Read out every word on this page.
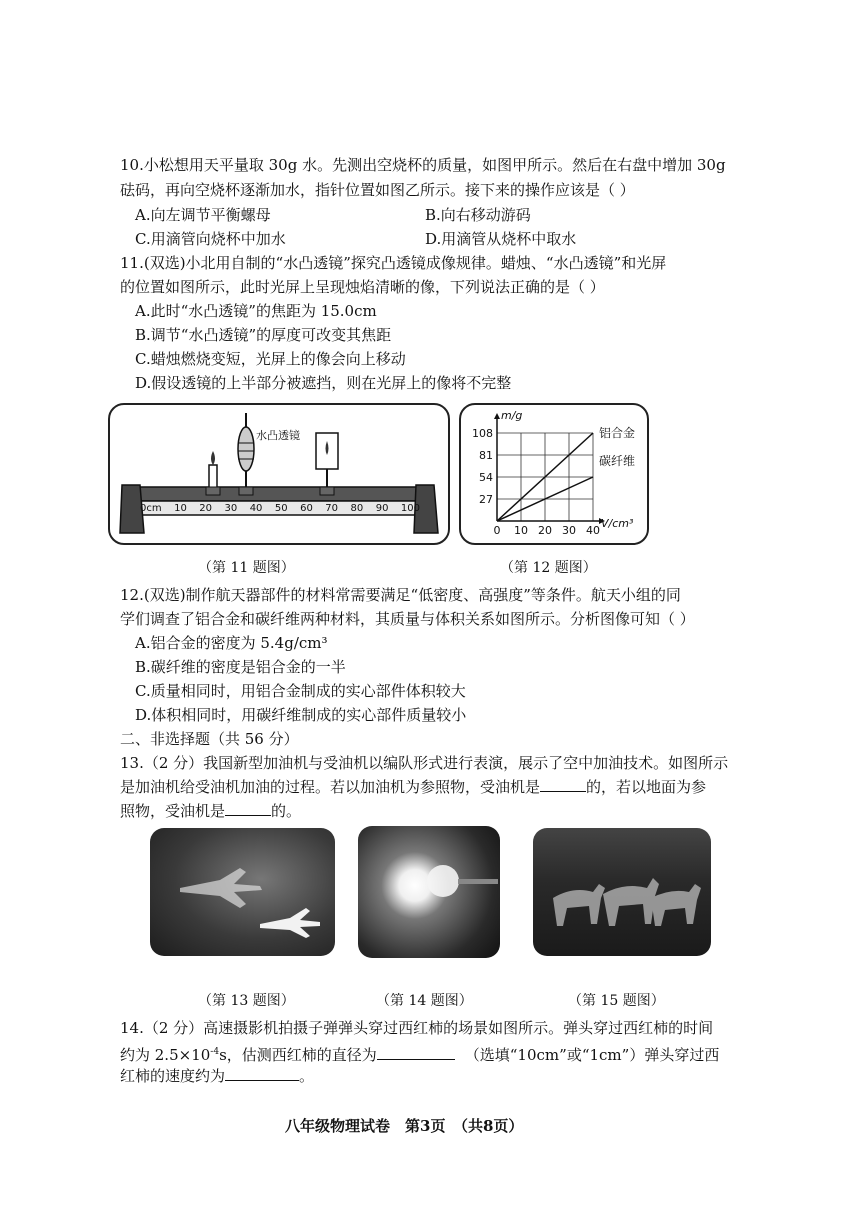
10.小松想用天平量取 30g 水。先测出空烧杯的质量，如图甲所示。然后在右盘中增加 30g
砝码，再向空烧杯逐渐加水，指针位置如图乙所示。接下来的操作应该是（ ）
A.向左调节平衡螺母	B.向右移动游码
C.用滴管向烧杯中加水	D.用滴管从烧杯中取水
11.(双选)小北用自制的“水凸透镜”探究凸透镜成像规律。蜡烛、“水凸透镜”和光屏
的位置如图所示，此时光屏上呈现烛焰清晰的像，下列说法正确的是（ ）
A.此时“水凸透镜”的焦距为 15.0cm
B.调节“水凸透镜”的厚度可改变其焦距
C.蜡烛燃烧变短，光屏上的像会向上移动
D.假设透镜的上半部分被遮挡，则在光屏上的像将不完整
水凸透镜
0cm 10 20 30 40 50 60 70 80 90 100
（第 11 题图）
0 10 20 30 40
27
54
81
108
m/g
V/cm³
铝合金
碳纤维
（第 12 题图）
12.(双选)制作航天器部件的材料常需要满足“低密度、高强度”等条件。航天小组的同
学们调查了铝合金和碳纤维两种材料，其质量与体积关系如图所示。分析图像可知（ ）
A.铝合金的密度为 5.4g/cm³
B.碳纤维的密度是铝合金的一半
C.质量相同时，用铝合金制成的实心部件体积较大
D.体积相同时，用碳纤维制成的实心部件质量较小
二、非选择题（共 56 分）
13.（2 分）我国新型加油机与受油机以编队形式进行表演，展示了空中加油技术。如图所示
是加油机给受油机加油的过程。若以加油机为参照物，受油机是	的，若以地面为参
照物，受油机是	的。
（第 13 题图）	（第 14 题图）	（第 15 题图）
14.（2 分）高速摄影机拍摄子弹弹头穿过西红柿的场景如图所示。弹头穿过西红柿的时间
约为 $2.5\times 10^{-4}s$，估测西红柿的直径为	（选填“10cm”或“1cm”）弹头穿过西
红柿的速度约为	。
八年级物理试卷　第3页　（共8页）
